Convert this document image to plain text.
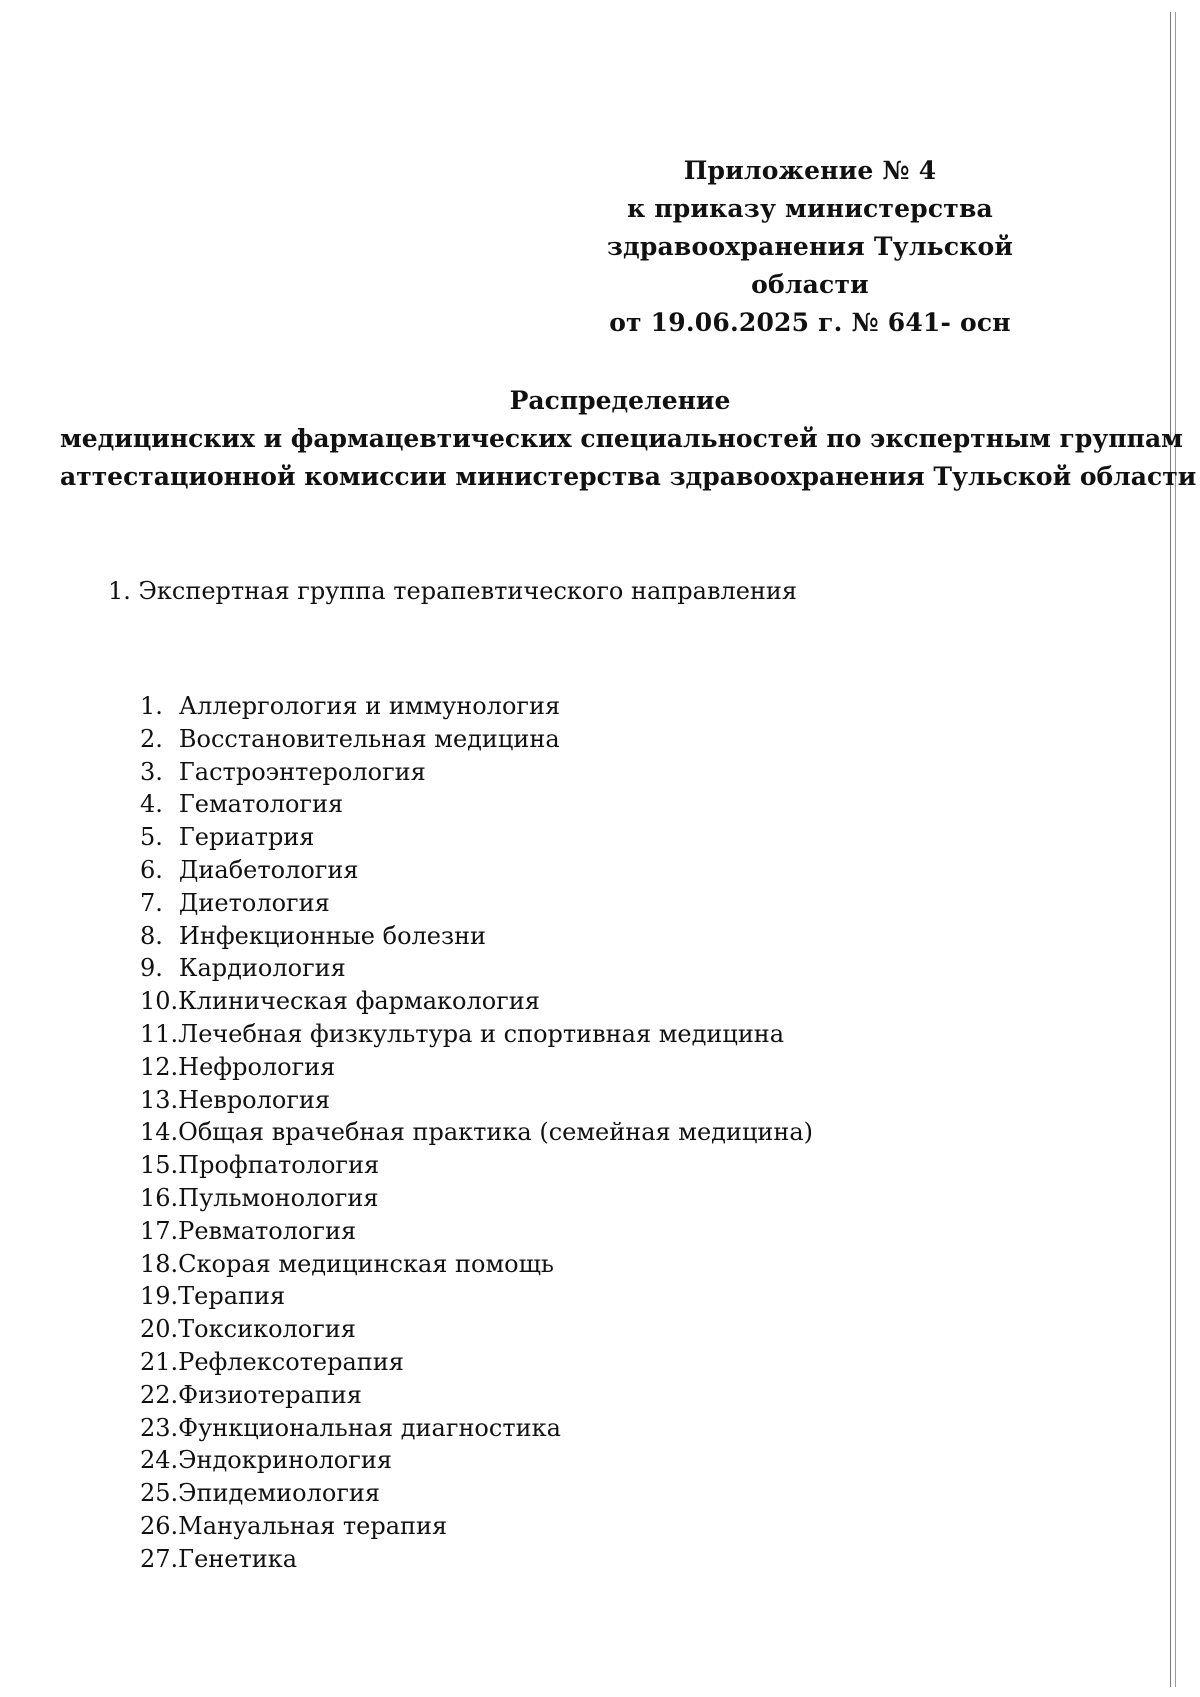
Приложение № 4
к приказу министерства
здравоохранения Тульской
области
от 19.06.2025 г. № 641- осн
Распределение
медицинских и фармацевтических специальностей по экспертным группам
аттестационной комиссии министерства здравоохранения Тульской области
1. Экспертная группа терапевтического направления
1. Аллергология и иммунология
2. Восстановительная медицина
3. Гастроэнтерология
4. Гематология
5. Гериатрия
6. Диабетология
7. Диетология
8. Инфекционные болезни
9. Кардиология
10.Клиническая фармакология
11.Лечебная физкультура и спортивная медицина
12.Нефрология
13.Неврология
14.Общая врачебная практика (семейная медицина)
15.Профпатология
16.Пульмонология
17.Ревматология
18.Скорая медицинская помощь
19.Терапия
20.Токсикология
21.Рефлексотерапия
22.Физиотерапия
23.Функциональная диагностика
24.Эндокринология
25.Эпидемиология
26.Мануальная терапия
27.Генетика
